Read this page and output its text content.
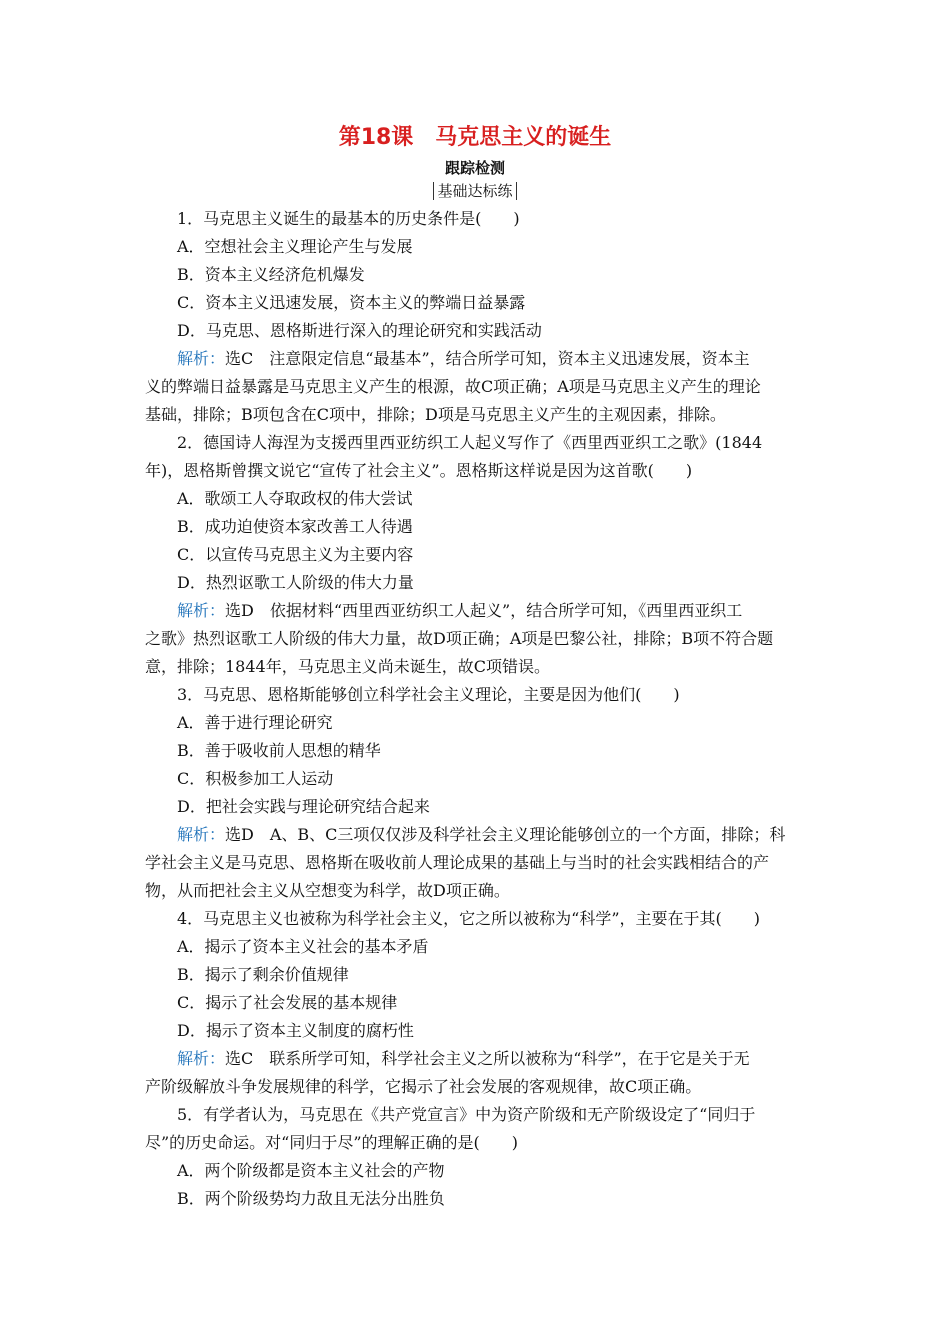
第18课　马克思主义的诞生
跟踪检测
基础达标练
1．马克思主义诞生的最基本的历史条件是(　　)
A．空想社会主义理论产生与发展
B．资本主义经济危机爆发
C．资本主义迅速发展，资本主义的弊端日益暴露
D．马克思、恩格斯进行深入的理论研究和实践活动
解析：选C　注意限定信息“最基本”，结合所学可知，资本主义迅速发展，资本主
义的弊端日益暴露是马克思主义产生的根源，故C项正确；A项是马克思主义产生的理论
基础，排除；B项包含在C项中，排除；D项是马克思主义产生的主观因素，排除。
2．德国诗人海涅为支援西里西亚纺织工人起义写作了《西里西亚织工之歌》(1844
年)，恩格斯曾撰文说它“宣传了社会主义”。恩格斯这样说是因为这首歌(　　)
A．歌颂工人夺取政权的伟大尝试
B．成功迫使资本家改善工人待遇
C．以宣传马克思主义为主要内容
D．热烈讴歌工人阶级的伟大力量
解析：选D　依据材料“西里西亚纺织工人起义”，结合所学可知，《西里西亚织工
之歌》热烈讴歌工人阶级的伟大力量，故D项正确；A项是巴黎公社，排除；B项不符合题
意，排除；1844年，马克思主义尚未诞生，故C项错误。
3．马克思、恩格斯能够创立科学社会主义理论，主要是因为他们(　　)
A．善于进行理论研究
B．善于吸收前人思想的精华
C．积极参加工人运动
D．把社会实践与理论研究结合起来
解析：选D　A、B、C三项仅仅涉及科学社会主义理论能够创立的一个方面，排除；科
学社会主义是马克思、恩格斯在吸收前人理论成果的基础上与当时的社会实践相结合的产
物，从而把社会主义从空想变为科学，故D项正确。
4．马克思主义也被称为科学社会主义，它之所以被称为“科学”，主要在于其(　　)
A．揭示了资本主义社会的基本矛盾
B．揭示了剩余价值规律
C．揭示了社会发展的基本规律
D．揭示了资本主义制度的腐朽性
解析：选C　联系所学可知，科学社会主义之所以被称为“科学”，在于它是关于无
产阶级解放斗争发展规律的科学，它揭示了社会发展的客观规律，故C项正确。
5．有学者认为，马克思在《共产党宣言》中为资产阶级和无产阶级设定了“同归于
尽”的历史命运。对“同归于尽”的理解正确的是(　　)
A．两个阶级都是资本主义社会的产物
B．两个阶级势均力敌且无法分出胜负
